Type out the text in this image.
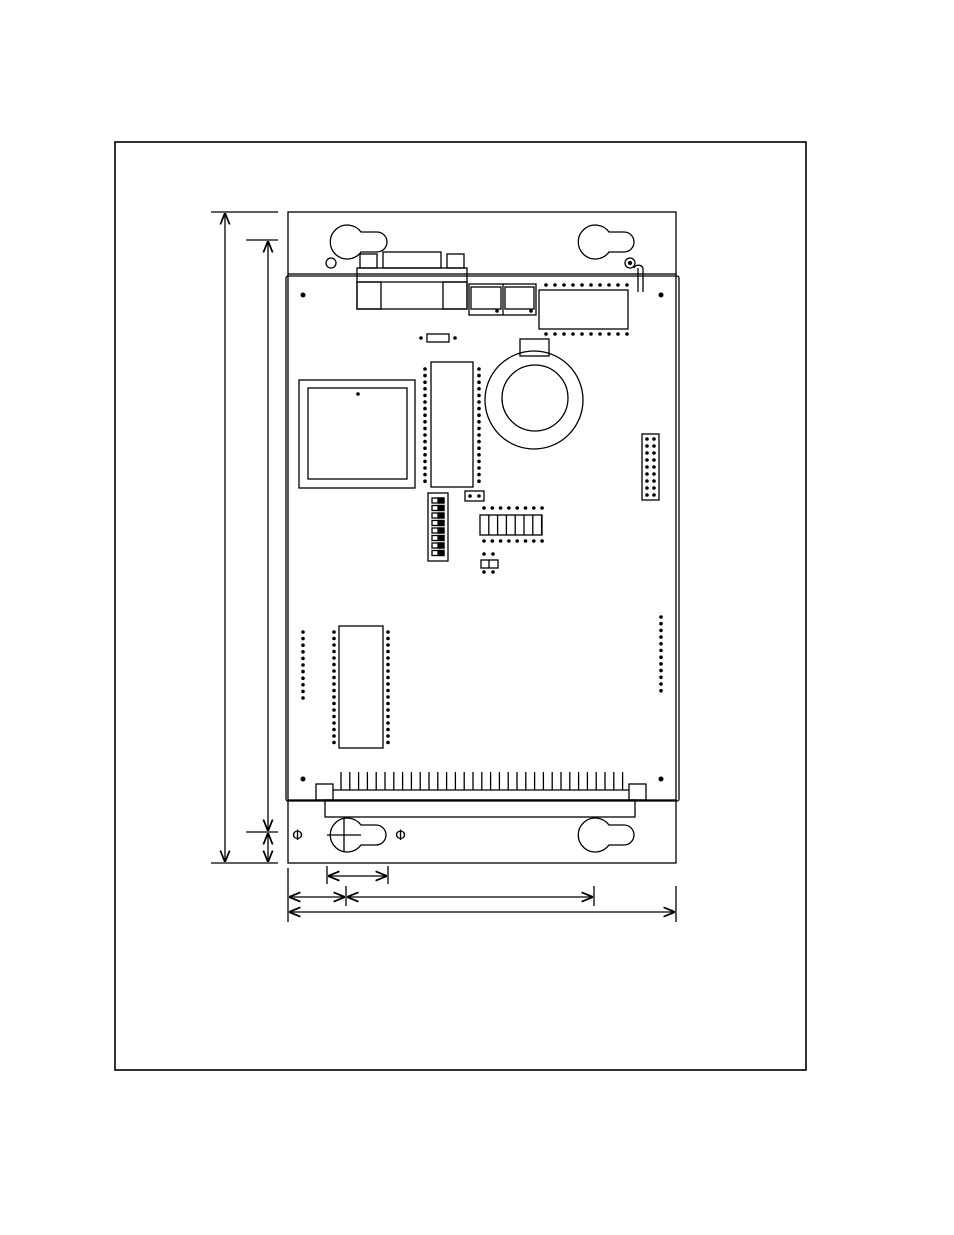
Φ	Φ
